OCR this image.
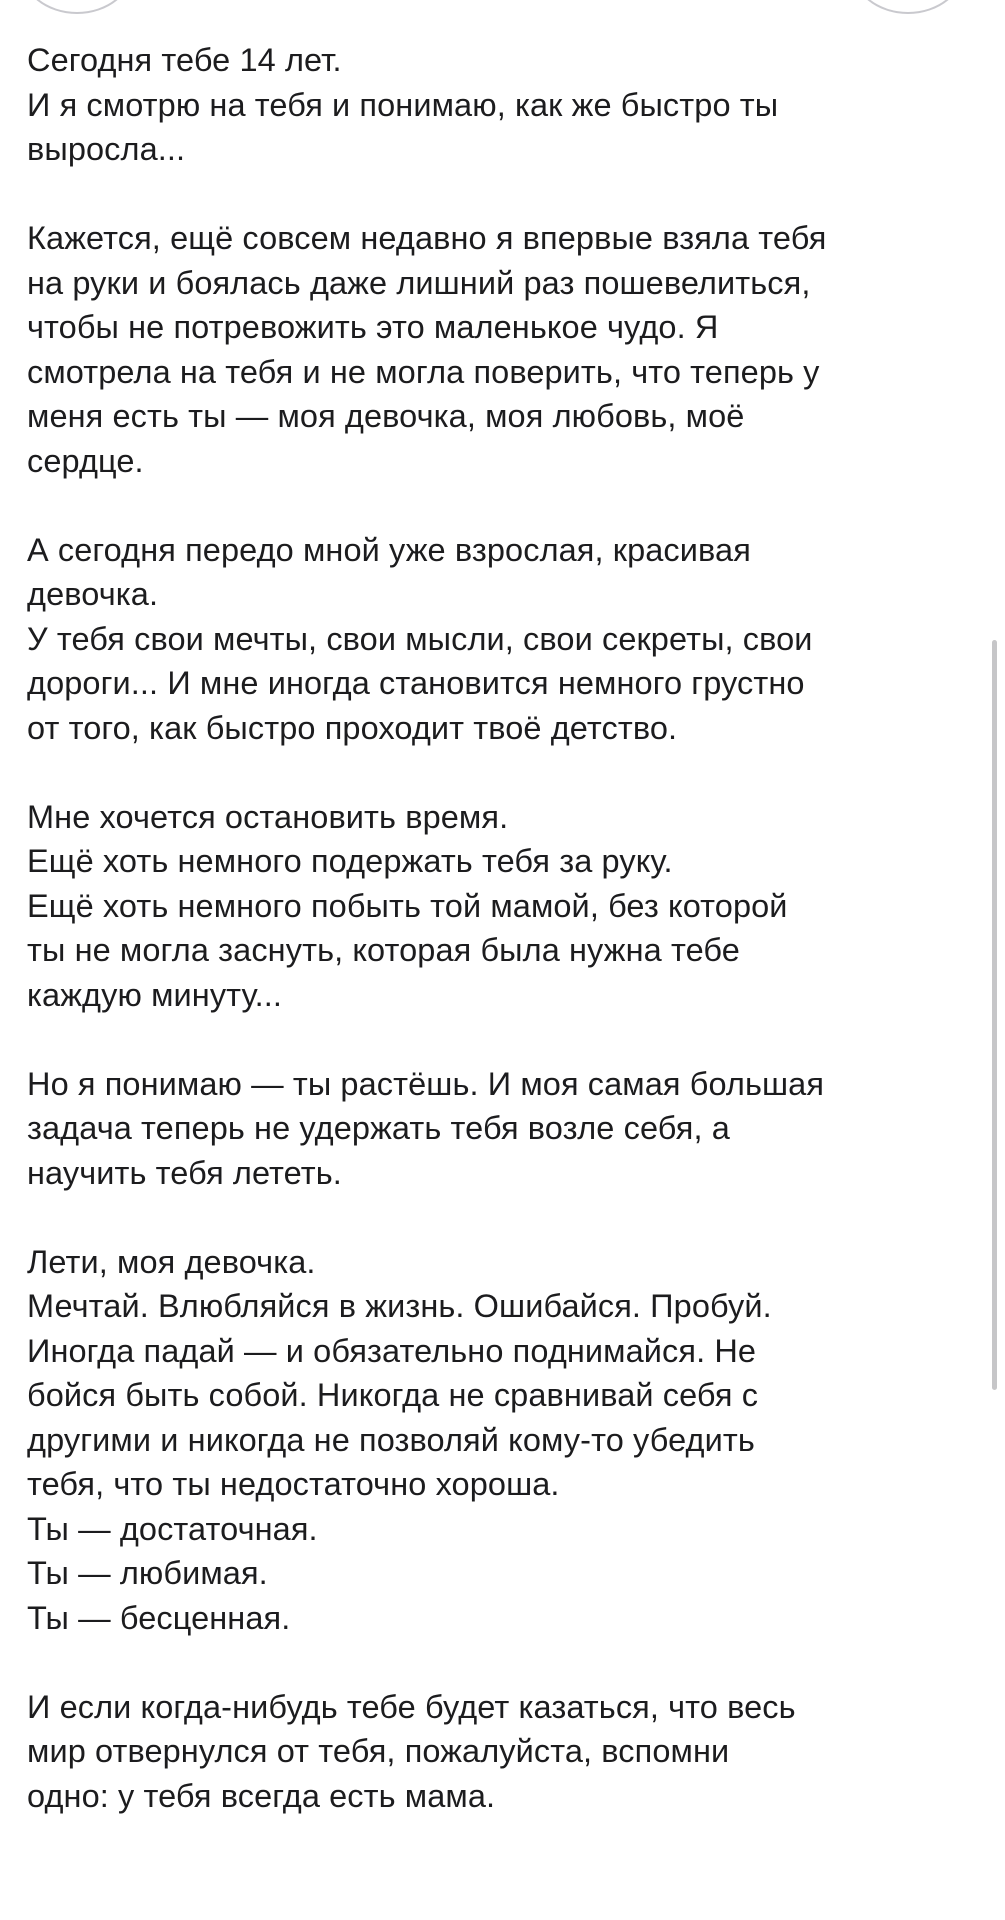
Сегодня тебе 14 лет.
И я смотрю на тебя и понимаю, как же быстро ты
выросла...
Кажется, ещё совсем недавно я впервые взяла тебя
на руки и боялась даже лишний раз пошевелиться,
чтобы не потревожить это маленькое чудо. Я
смотрела на тебя и не могла поверить, что теперь у
меня есть ты — моя девочка, моя любовь, моё
сердце.
А сегодня передо мной уже взрослая, красивая
девочка.
У тебя свои мечты, свои мысли, свои секреты, свои
дороги... И мне иногда становится немного грустно
от того, как быстро проходит твоё детство.
Мне хочется остановить время.
Ещё хоть немного подержать тебя за руку.
Ещё хоть немного побыть той мамой, без которой
ты не могла заснуть, которая была нужна тебе
каждую минуту...
Но я понимаю — ты растёшь. И моя самая большая
задача теперь не удержать тебя возле себя, а
научить тебя лететь.
Лети, моя девочка.
Мечтай. Влюбляйся в жизнь. Ошибайся. Пробуй.
Иногда падай — и обязательно поднимайся. Не
бойся быть собой. Никогда не сравнивай себя с
другими и никогда не позволяй кому-то убедить
тебя, что ты недостаточно хороша.
Ты — достаточная.
Ты — любимая.
Ты — бесценная.
И если когда-нибудь тебе будет казаться, что весь
мир отвернулся от тебя, пожалуйста, вспомни
одно: у тебя всегда есть мама.
